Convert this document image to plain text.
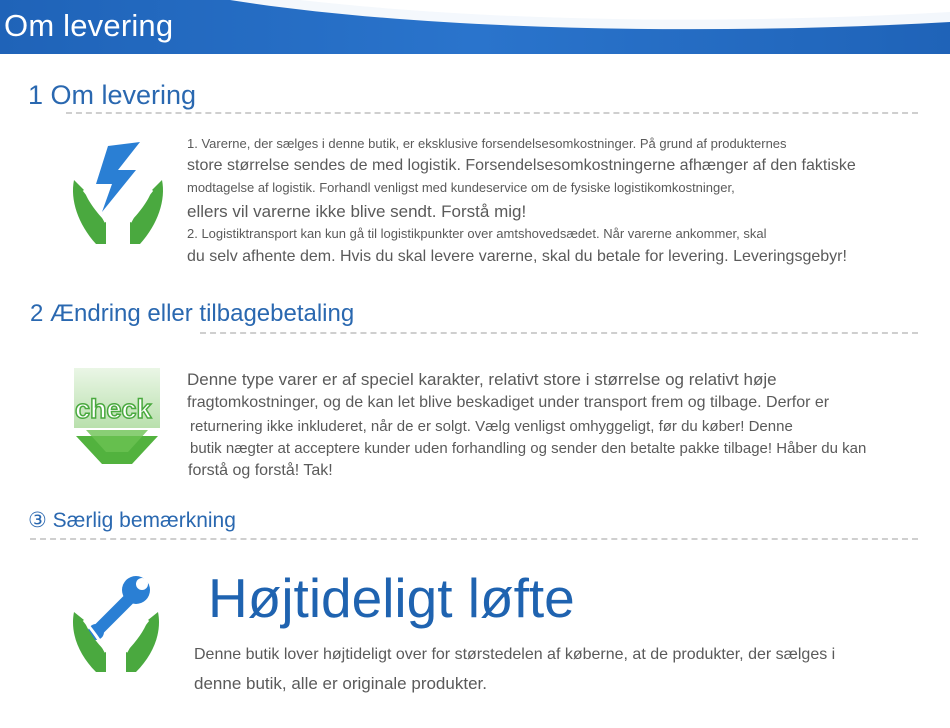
Om levering
1 Om levering

1. Varerne, der sælges i denne butik, er eksklusive forsendelsesomkostninger. På grund af produkternes

store størrelse sendes de med logistik. Forsendelsesomkostningerne afhænger af den faktiske

modtagelse af logistik. Forhandl venligst med kundeservice om de fysiske logistikomkostninger,

ellers vil varerne ikke blive sendt. Forstå mig!

2. Logistiktransport kan kun gå til logistikpunkter over amtshovedsædet. Når varerne ankommer, skal

du selv afhente dem. Hvis du skal levere varerne, skal du betale for levering. Leveringsgebyr!

2 Ændring eller tilbagebetaling
check

Denne type varer er af speciel karakter, relativt store i størrelse og relativt høje

fragtomkostninger, og de kan let blive beskadiget under transport frem og tilbage. Derfor er

returnering ikke inkluderet, når de er solgt. Vælg venligst omhyggeligt, før du køber! Denne

butik nægter at acceptere kunder uden forhandling og sender den betalte pakke tilbage! Håber du kan

forstå og forstå! Tak!

③ Særlig bemærkning
Højtideligt løfte

Denne butik lover højtideligt over for størstedelen af køberne, at de produkter, der sælges i

denne butik, alle er originale produkter.
